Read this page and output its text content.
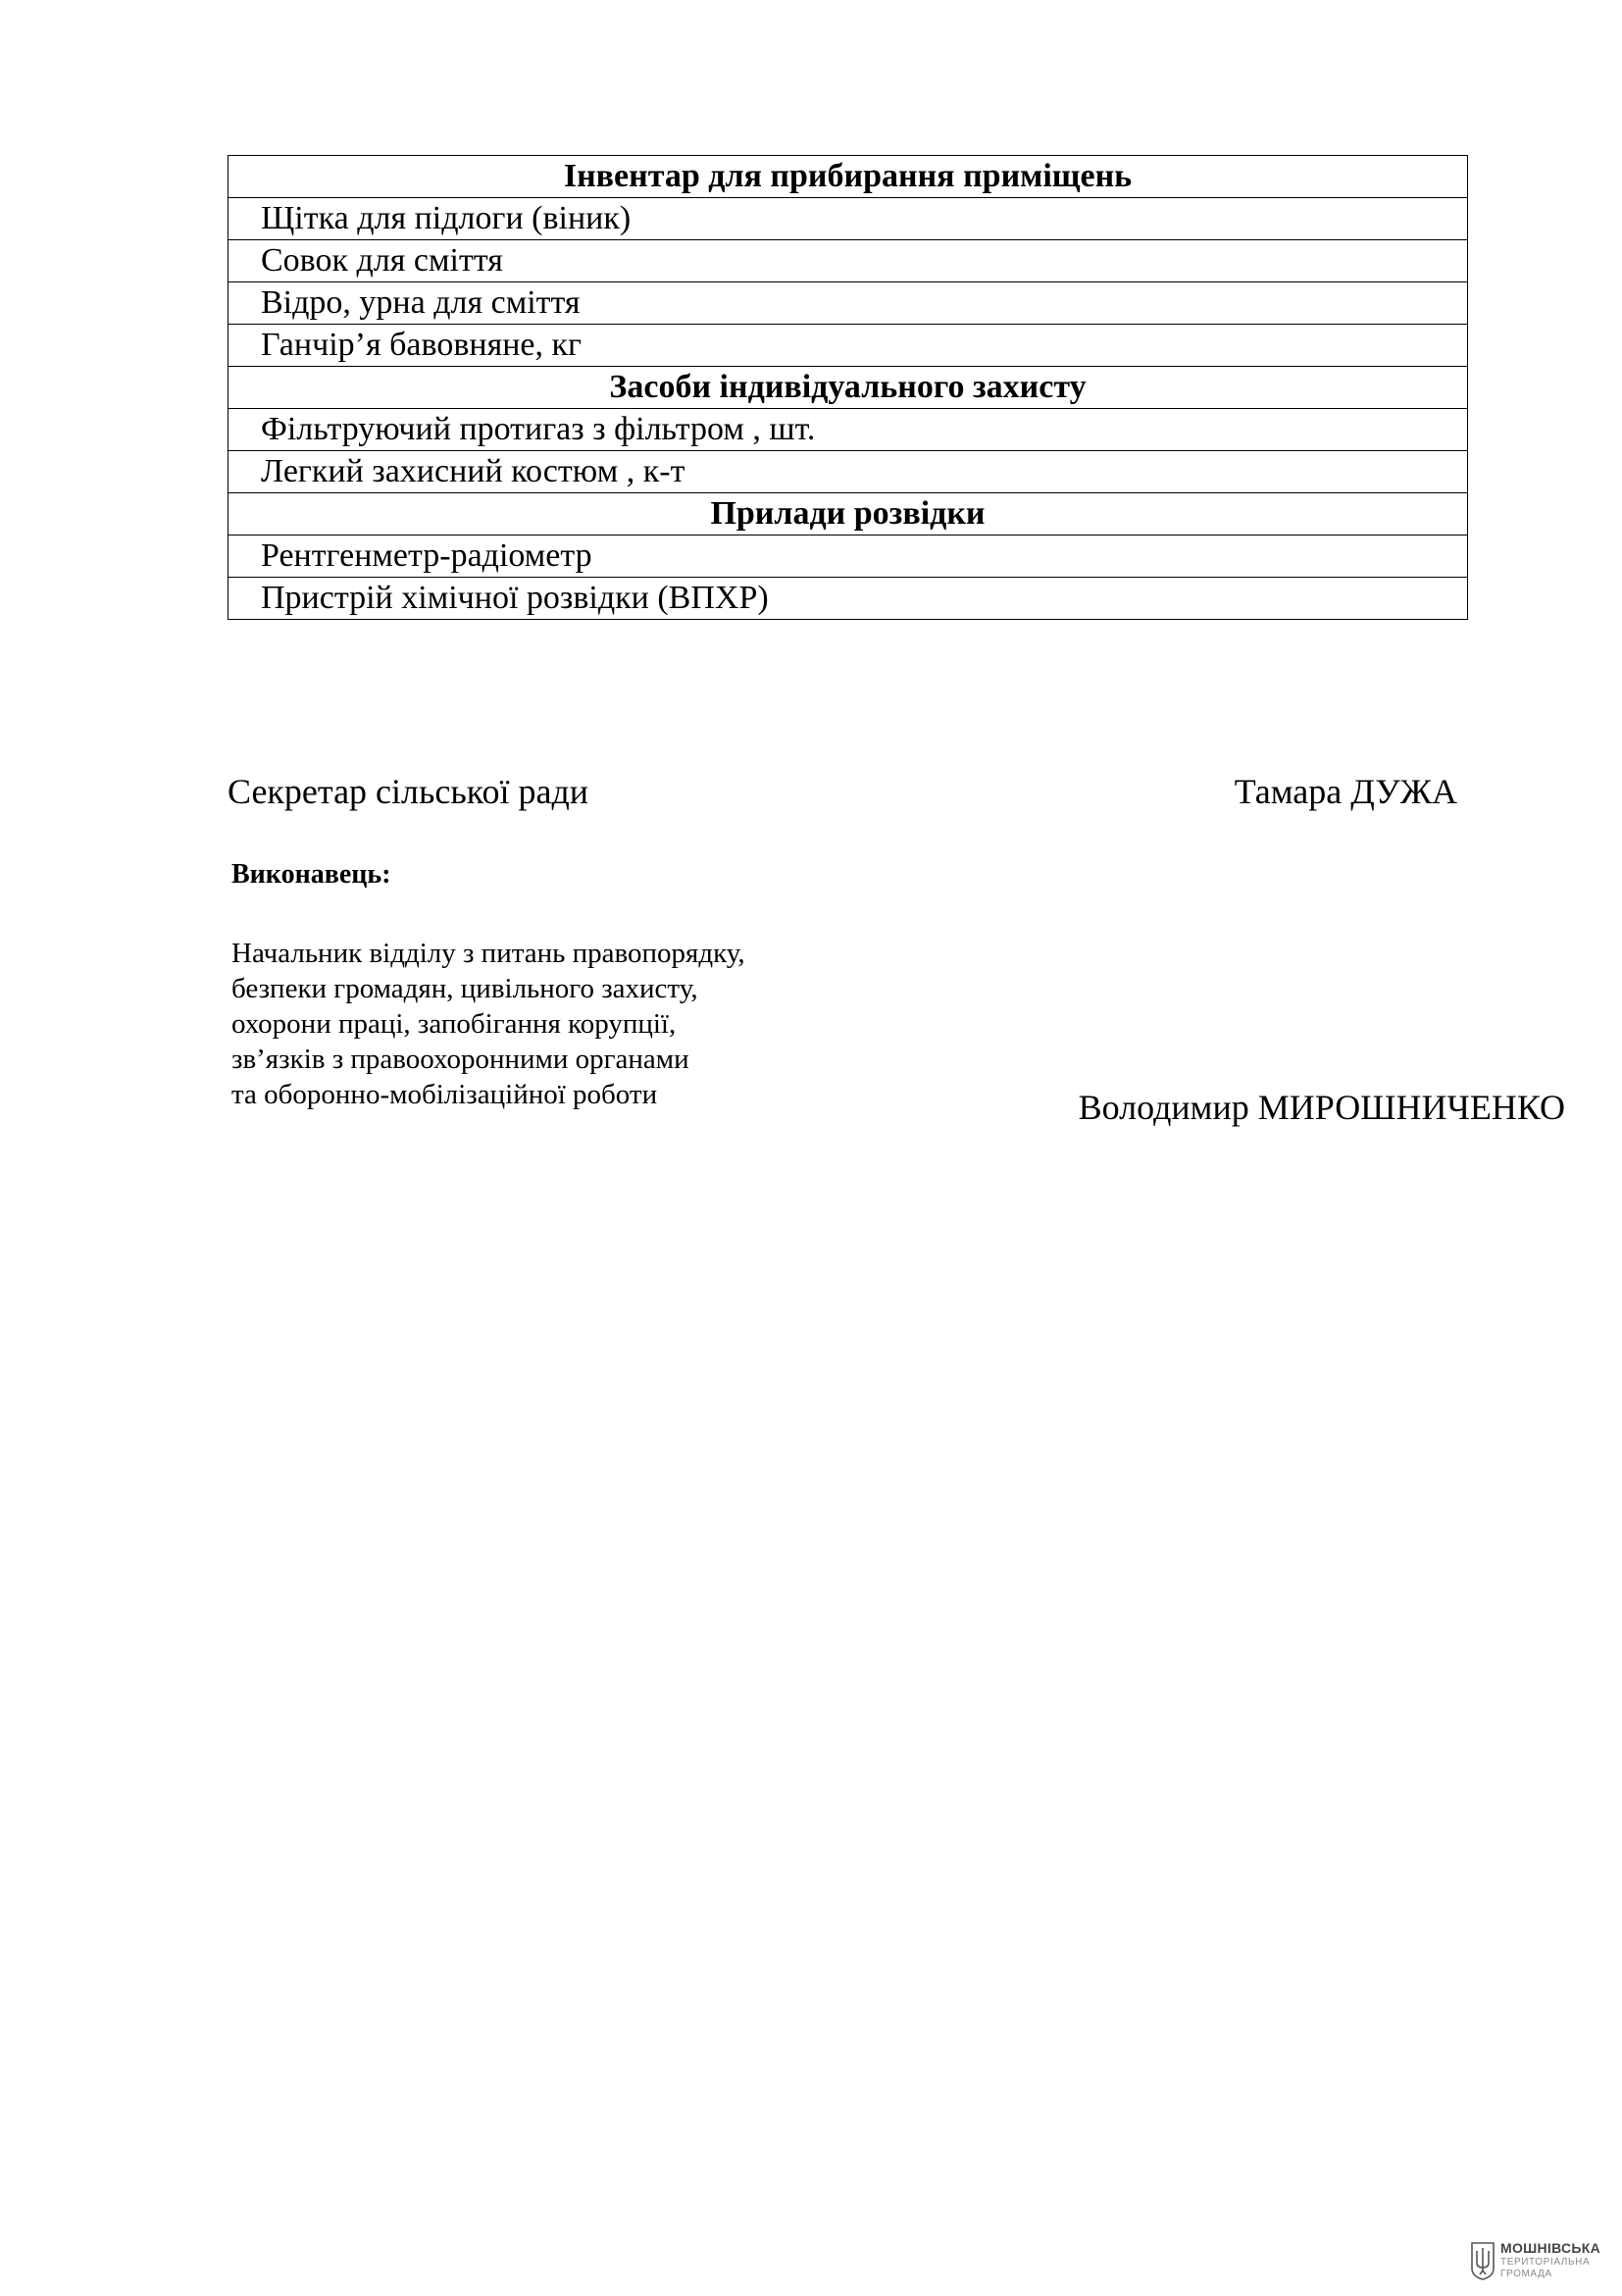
Інвентар для прибирання приміщень
Щітка для підлоги (віник)
Совок для сміття
Відро, урна для сміття
Ганчір’я бавовняне, кг
Засоби індивідуального захисту
Фільтруючий протигаз з фільтром , шт.
Легкий захисний костюм , к-т
Прилади розвідки
Рентгенметр-радіометр
Пристрій хімічної розвідки (ВПХР)
Секретар сільської ради	Тамара ДУЖА
Виконавець:
Начальник відділу з питань правопорядку,
безпеки громадян, цивільного захисту,
охорони праці, запобігання корупції,
зв’язків з правоохоронними органами
та оборонно-мобілізаційної роботи	Володимир МИРОШНИЧЕНКО
МОШНІВСЬКА
ТЕРИТОРІАЛЬНА
ГРОМАДА
